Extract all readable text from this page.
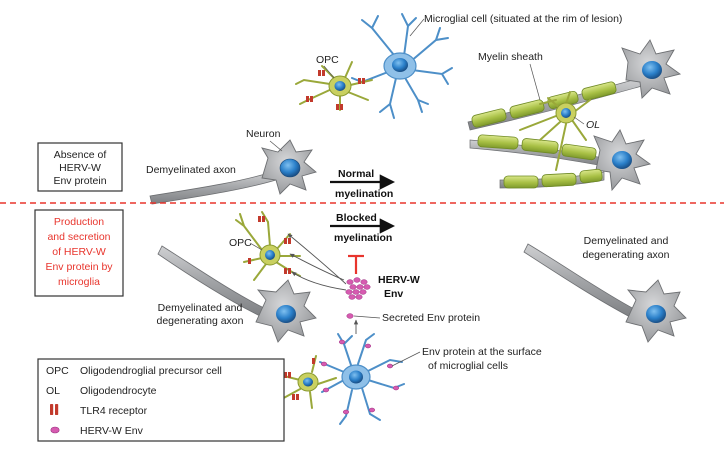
Absence of
HERV-W
Env protein
Neuron
Demyelinated axon
Microglial cell (situated at the rim of lesion)
OPC
Normal
myelination
Myelin sheath
OL
Production
and secretion
of HERV-W
Env protein by
microglia
Demyelinated and
degenerating axon
OPC
Blocked
myelination
HERV-W
Env
Secreted Env protein
Env protein at the surface
of microglial cells
Demyelinated and
degenerating axon
OPC Oligodendroglial precursor cell
OL Oligodendrocyte
TLR4 receptor
HERV-W Env
